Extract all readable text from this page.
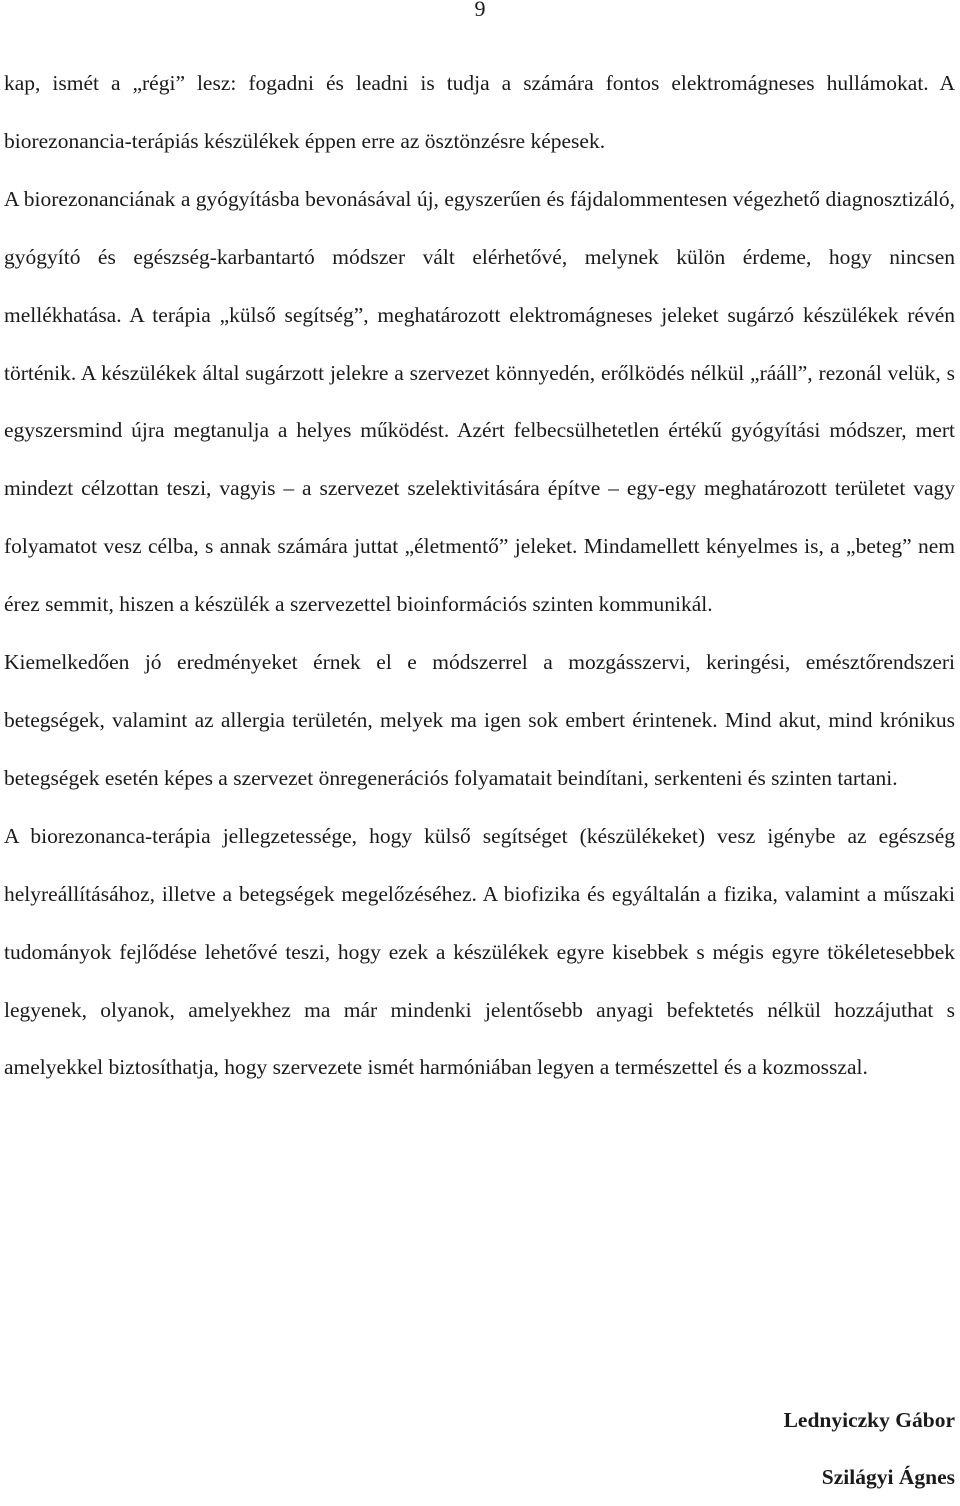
9

kap, ismét a „régi” lesz: fogadni és leadni is tudja a számára fontos elektromágneses hullámokat. A biorezonancia-terápiás készülékek éppen erre az ösztönzésre képesek.

A biorezonanciának a gyógyításba bevonásával új, egyszerűen és fájdalommentesen végezhető diagnosztizáló, gyógyító és egészség-karbantartó módszer vált elérhetővé, melynek külön érdeme, hogy nincsen mellékhatása. A terápia „külső segítség”, meghatározott elektromágneses jeleket sugárzó készülékek révén történik. A készülékek által sugárzott jelekre a szervezet könnyedén, erőlködés nélkül „rááll”, rezonál velük, s egyszersmind újra megtanulja a helyes működést. Azért felbecsülhetetlen értékű gyógyítási módszer, mert mindezt célzottan teszi, vagyis – a szervezet szelektivitására építve – egy-egy meghatározott területet vagy folyamatot vesz célba, s annak számára juttat „életmentő” jeleket. Mindamellett kényelmes is, a „beteg” nem érez semmit, hiszen a készülék a szervezettel bioinformációs szinten kommunikál.

Kiemelkedően jó eredményeket érnek el e módszerrel a mozgásszervi, keringési, emésztőrendszeri betegségek, valamint az allergia területén, melyek ma igen sok embert érintenek. Mind akut, mind krónikus betegségek esetén képes a szervezet önregenerációs folyamatait beindítani, serkenteni és szinten tartani.

A biorezonanca-terápia jellegzetessége, hogy külső segítséget (készülékeket) vesz igénybe az egészség helyreállításához, illetve a betegségek megelőzéséhez. A biofizika és egyáltalán a fizika, valamint a műszaki tudományok fejlődése lehetővé teszi, hogy ezek a készülékek egyre kisebbek s mégis egyre tökéletesebbek legyenek, olyanok, amelyekhez ma már mindenki jelentősebb anyagi befektetés nélkül hozzájuthat s amelyekkel biztosíthatja, hogy szervezete ismét harmóniában legyen a természettel és a kozmosszal.

Lednyiczky Gábor
Szilágyi Ágnes
